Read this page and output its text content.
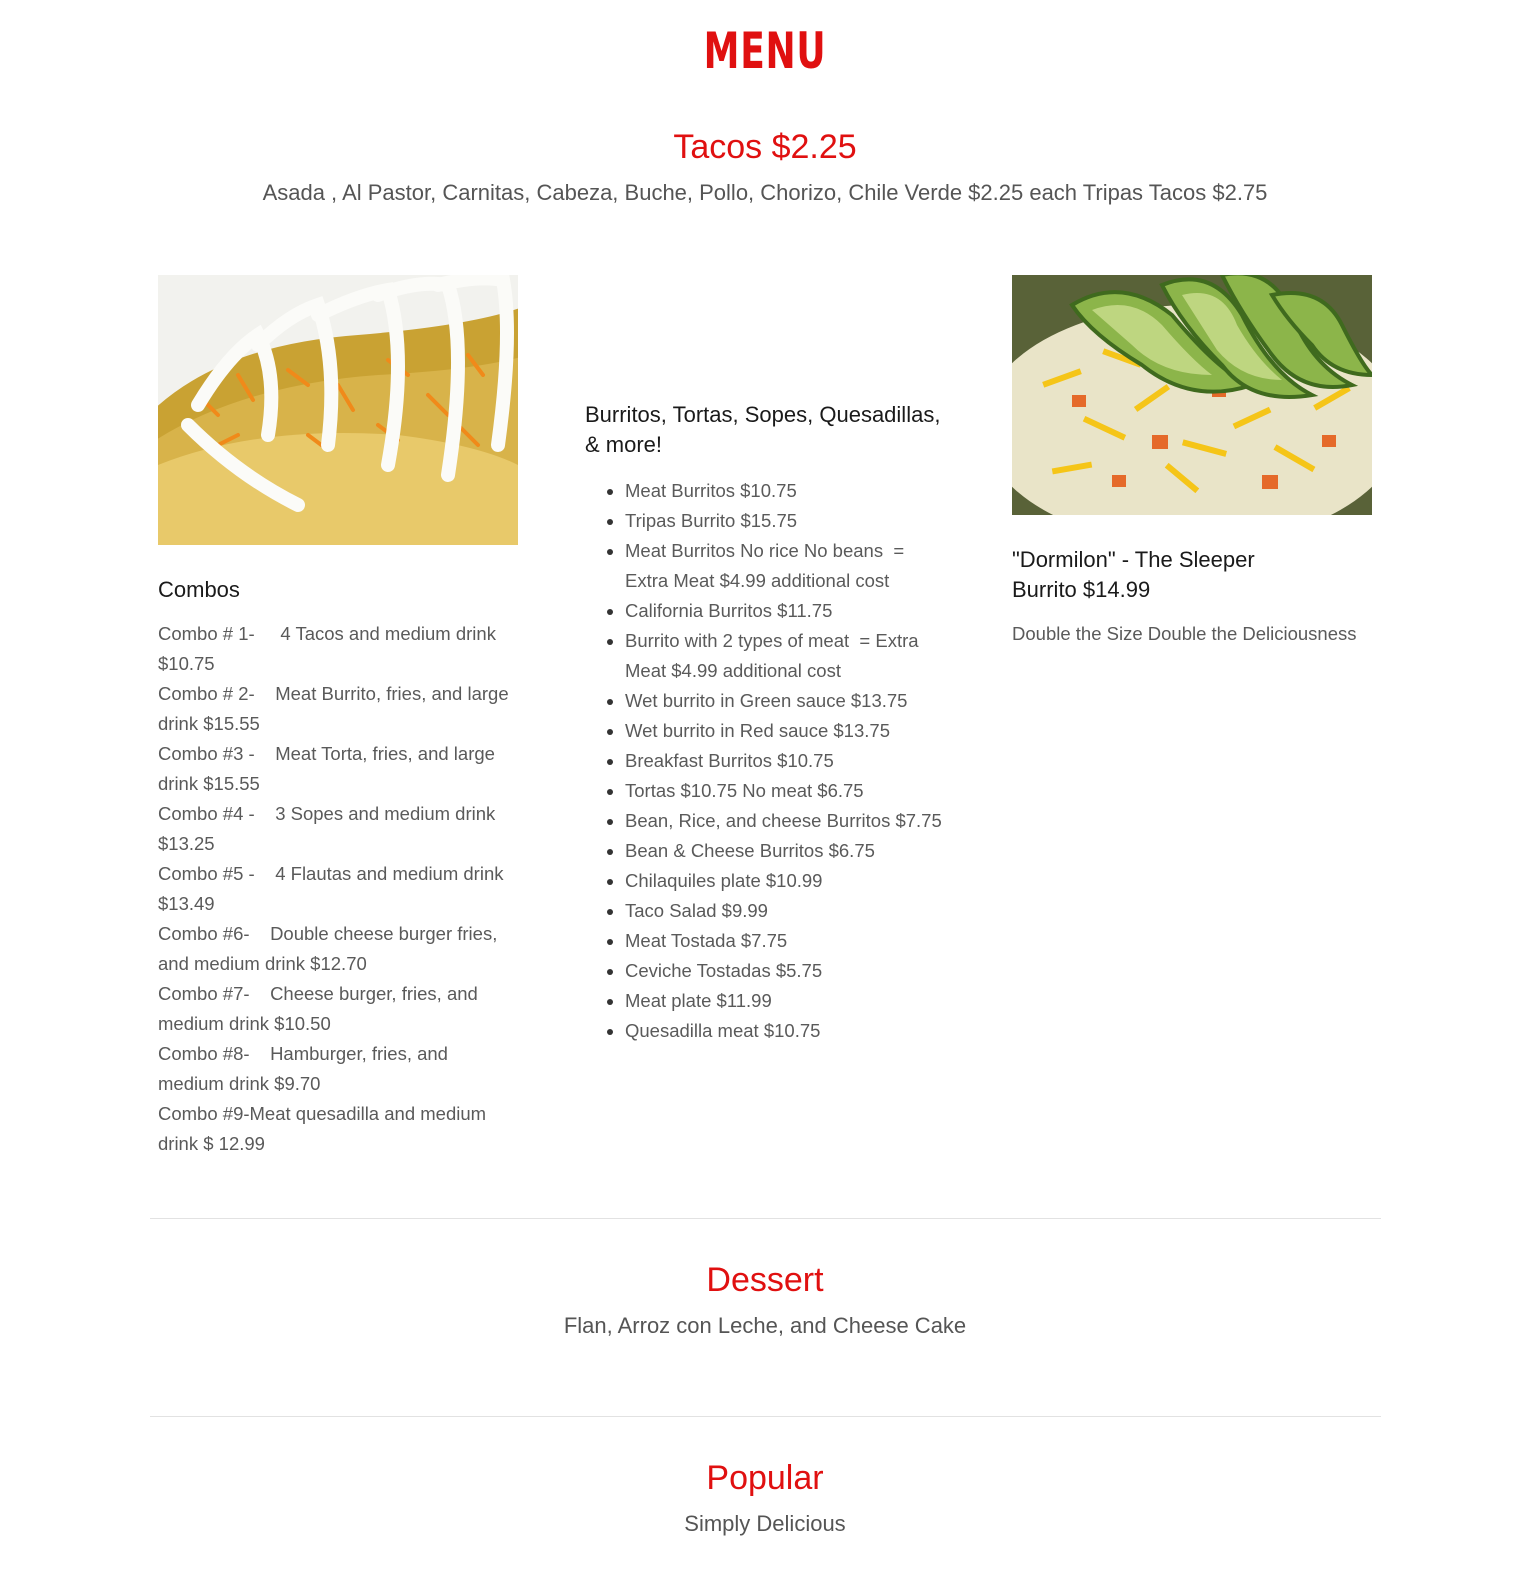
MENU
Tacos $2.25
Asada , Al Pastor, Carnitas, Cabeza, Buche, Pollo, Chorizo, Chile Verde $2.25 each Tripas Tacos $2.75
Combos
Combo # 1-     4 Tacos and medium drink $10.75
Combo # 2-    Meat Burrito, fries, and large drink $15.55
Combo #3 -    Meat Torta, fries, and large drink $15.55
Combo #4 -    3 Sopes and medium drink $13.25
Combo #5 -    4 Flautas and medium drink $13.49
Combo #6-    Double cheese burger fries, and medium drink $12.70
Combo #7-    Cheese burger, fries, and medium drink $10.50
Combo #8-    Hamburger, fries, and medium drink $9.70
Combo #9-Meat quesadilla and medium drink $ 12.99
Burritos, Tortas, Sopes, Quesadillas, & more!
• Meat Burritos $10.75
• Tripas Burrito $15.75
• Meat Burritos No rice No beans  = Extra Meat $4.99 additional cost
• California Burritos $11.75
• Burrito with 2 types of meat  = Extra Meat $4.99 additional cost
• Wet burrito in Green sauce $13.75
• Wet burrito in Red sauce $13.75
• Breakfast Burritos $10.75
• Tortas $10.75 No meat $6.75
• Bean, Rice, and cheese Burritos $7.75
• Bean & Cheese Burritos $6.75
• Chilaquiles plate $10.99
• Taco Salad $9.99
• Meat Tostada $7.75
• Ceviche Tostadas $5.75
• Meat plate $11.99
• Quesadilla meat $10.75
"Dormilon" - The Sleeper Burrito $14.99
Double the Size Double the Deliciousness
Dessert
Flan, Arroz con Leche, and Cheese Cake
Popular
Simply Delicious
